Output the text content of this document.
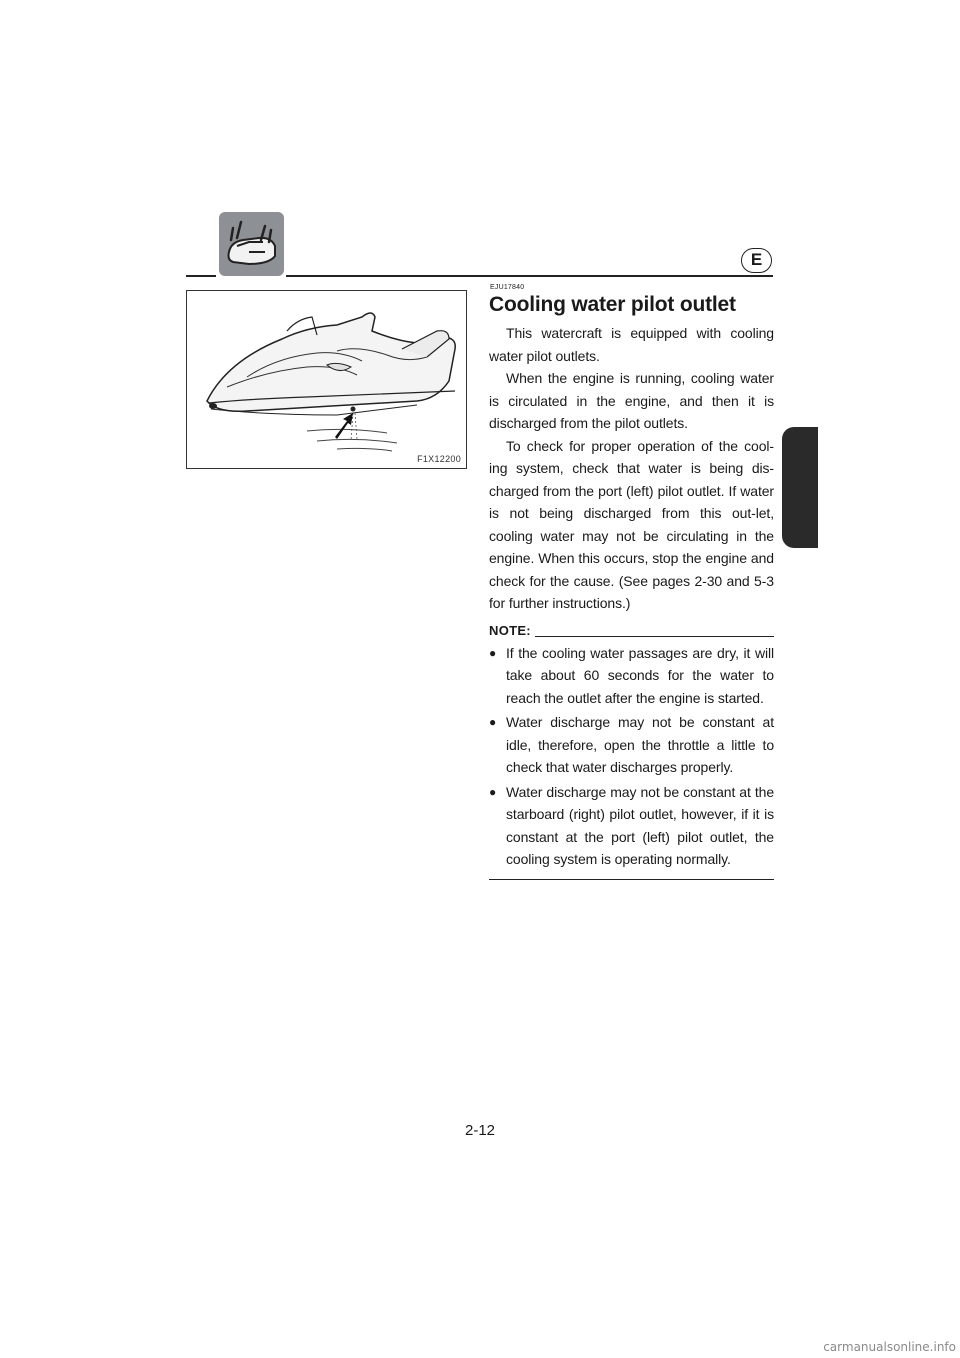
E
F1X12200
EJU17840
Cooling water pilot outlet

This watercraft is equipped with cooling water pilot outlets.

When the engine is running, cooling water is circulated in the engine, and then it is discharged from the pilot outlets.

To check for proper operation of the cool-ing system, check that water is being dis-charged from the port (left) pilot outlet. If water is not being discharged from this out-let, cooling water may not be circulating in the engine. When this occurs, stop the engine and check for the cause. (See pages 2-30 and 5-3 for further instructions.)

NOTE:
● If the cooling water passages are dry, it will take about 60 seconds for the water to reach the outlet after the engine is started.
● Water discharge may not be constant at idle, therefore, open the throttle a little to check that water discharges properly.
● Water discharge may not be constant at the starboard (right) pilot outlet, however, if it is constant at the port (left) pilot outlet, the cooling system is operating normally.
2-12
carmanualsonline.info
